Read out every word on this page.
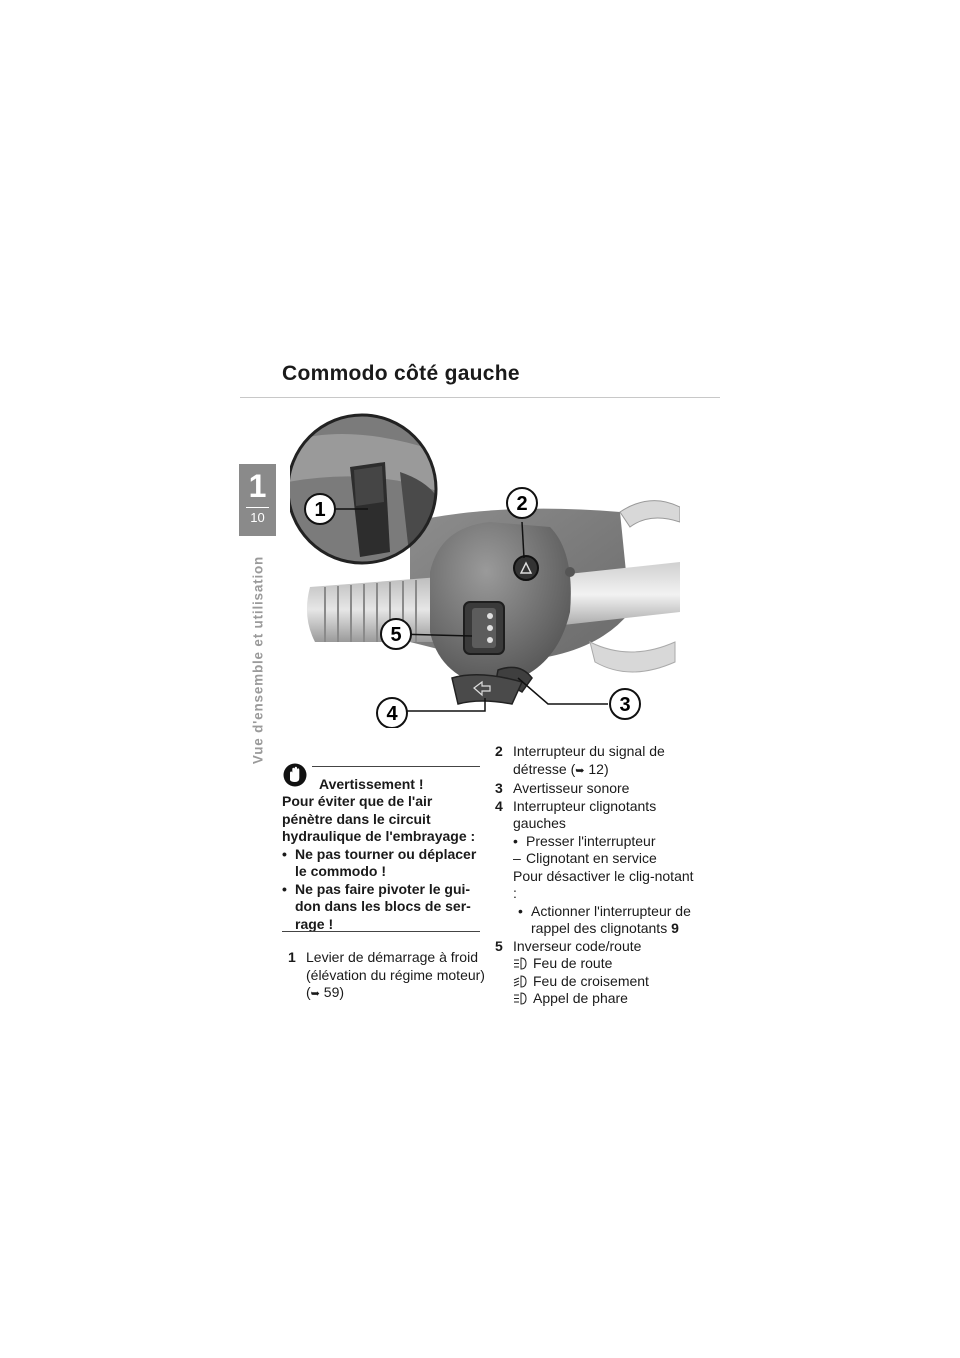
Commodo côté gauche
1
10
Vue d'ensemble et utilisation
1	2
3
4
5
Avertissement !

Pour éviter que de l'air pénètre dans le circuit hydraulique de l'embrayage :

• Ne pas tourner ou déplacer le commodo !
• Ne pas faire pivoter le gui-don dans les blocs de ser-rage !
1 Levier de démarrage à froid (élévation du régime moteur) (➥ 59)
2 Interrupteur du signal de détresse (➥ 12)
3 Avertisseur sonore
4 Interrupteur clignotants gauches
• Presser l'interrupteur
– Clignotant en service
Pour désactiver le clig-notant :
• Actionner l'interrupteur de rappel des clignotants 9
5 Inverseur code/route
Feu de route
Feu de croisement
Appel de phare
